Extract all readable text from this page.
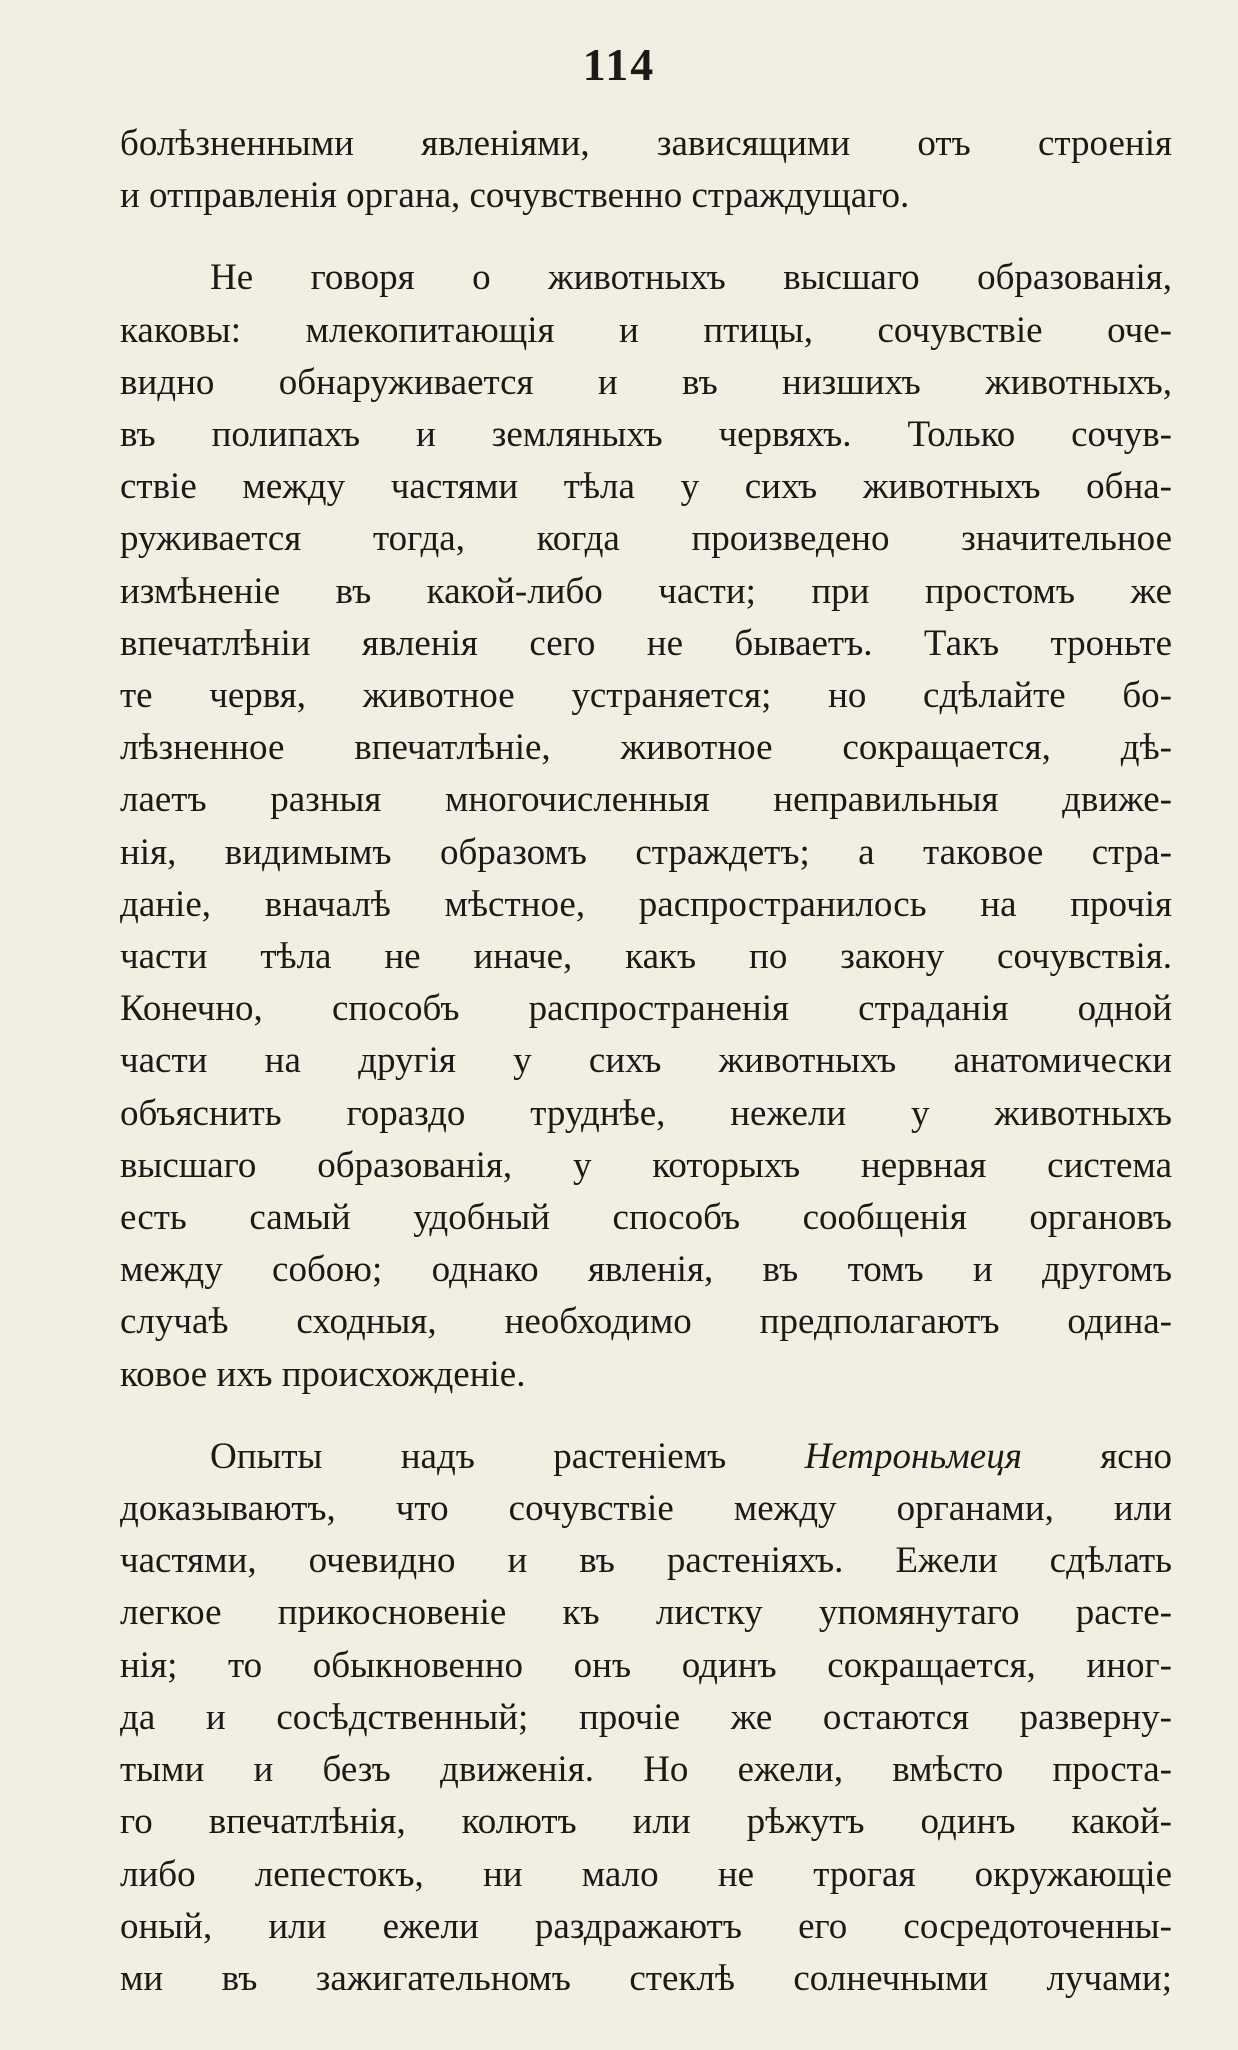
114
болѣзненными явленіями, зависящими отъ строенія
и отправленія органа, сочувственно страждущаго.
Не говоря о животныхъ высшаго образованія,
каковы: млекопитающія и птицы, сочувствіе оче-
видно обнаруживается и въ низшихъ животныхъ,
въ полипахъ и земляныхъ червяхъ. Только сочув-
ствіе между частями тѣла у сихъ животныхъ обна-
руживается тогда, когда произведено значительное
измѣненіе въ какой-либо части; при простомъ же
впечатлѣніи явленія сего не бываетъ. Такъ троньте
те червя, животное устраняется; но сдѣлайте бо-
лѣзненное впечатлѣніе, животное сокращается, дѣ-
лаетъ разныя многочисленныя неправильныя движе-
нія, видимымъ образомъ страждетъ; а таковое стра-
даніе, вначалѣ мѣстное, распространилось на прочія
части тѣла не иначе, какъ по закону сочувствія.
Конечно, способъ распространенія страданія одной
части на другія у сихъ животныхъ анатомически
объяснить гораздо труднѣе, нежели у животныхъ
высшаго образованія, у которыхъ нервная система
есть самый удобный способъ сообщенія органовъ
между собою; однако явленія, въ томъ и другомъ
случаѣ сходныя, необходимо предполагаютъ одина-
ковое ихъ происхожденіе.
Опыты надъ растеніемъ Нетроньмеця ясно
доказываютъ, что сочувствіе между органами, или
частями, очевидно и въ растеніяхъ. Ежели сдѣлать
легкое прикосновеніе къ листку упомянутаго расте-
нія; то обыкновенно онъ одинъ сокращается, иног-
да и сосѣдственный; прочіе же остаются разверну-
тыми и безъ движенія. Но ежели, вмѣсто проста-
го впечатлѣнія, колютъ или рѣжутъ одинъ какой-
либо лепестокъ, ни мало не трогая окружающіе
оный, или ежели раздражаютъ его сосредоточенны-
ми въ зажигательномъ стеклѣ солнечными лучами;
